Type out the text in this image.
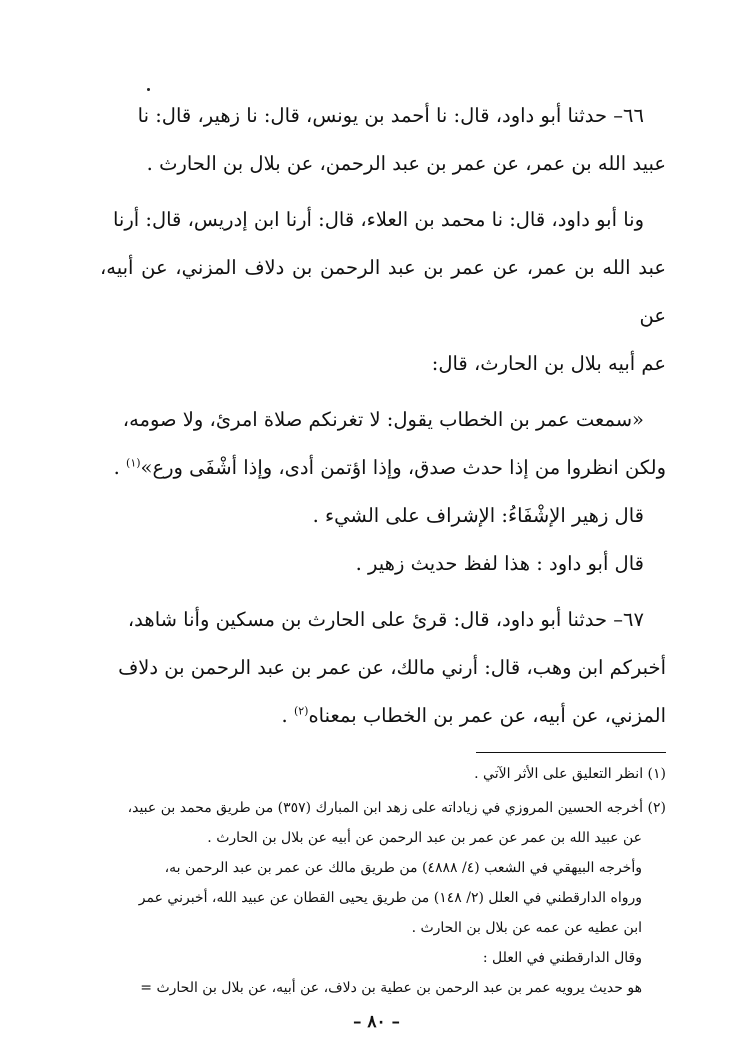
٦٦– حدثنا أبو داود، قال: نا أحمد بن يونس، قال: نا زهير، قال: نا

عبيد الله بن عمر، عن عمر بن عبد الرحمن، عن بلال بن الحارث .

ونا أبو داود، قال: نا محمد بن العلاء، قال: أرنا ابن إدريس، قال: أرنا

عبد الله بن عمر، عن عمر بن عبد الرحمن بن دلاف المزني، عن أبيه، عن

عم أبيه بلال بن الحارث، قال:

«سمعت عمر بن الخطاب يقول: لا تغرنكم صلاة امرئ، ولا صومه،

ولكن انظروا من إذا حدث صدق، وإذا اؤتمن أدى، وإذا أشْفَى ورع»$^{(١)}$ .

قال زهير الإشْفَاءُ: الإشراف على الشيء .

قال أبو داود : هذا لفظ حديث زهير .

٦٧– حدثنا أبو داود، قال: قرئ على الحارث بن مسكين وأنا شاهد،

أخبركم ابن وهب، قال: أرني مالك، عن عمر بن عبد الرحمن بن دلاف

المزني، عن أبيه، عن عمر بن الخطاب بمعناه$^{(٢)}$ .

(١) انظر التعليق على الأثر الآتي .

(٢) أخرجه الحسين المروزي في زياداته على زهد ابن المبارك (٣٥٧) من طريق محمد بن عبيد،

عن عبيد الله بن عمر عن عمر بن عبد الرحمن عن أبيه عن بلال بن الحارث .

وأخرجه البيهقي في الشعب (٤/ ٤٨٨٨) من طريق مالك عن عمر بن عبد الرحمن به،

ورواه الدارقطني في العلل (٢/ ١٤٨) من طريق يحيى القطان عن عبيد الله، أخبرني عمر

ابن عطيه عن عمه عن بلال بن الحارث .

وقال الدارقطني في العلل :

هو حديث يرويه عمر بن عبد الرحمن بن عطية بن دلاف، عن أبيه، عن بلال بن الحارث =

– ٨٠ –
